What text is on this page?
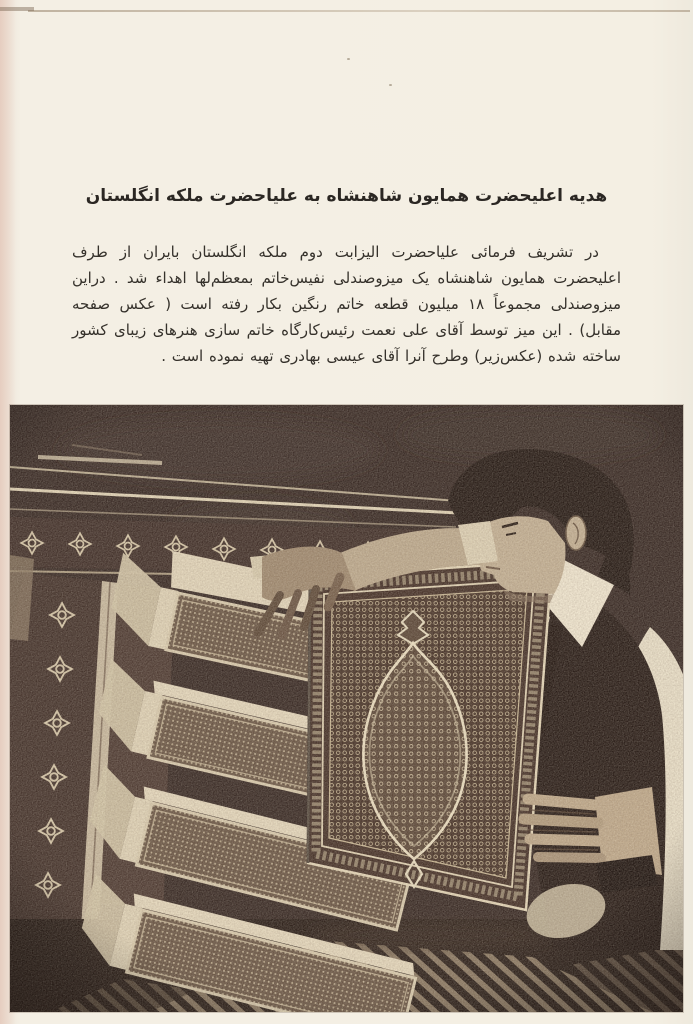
هدیه اعلیحضرت همایون شاهنشاه به علیاحضرت ملکه انگلستان

در تشریف فرمائی علیاحضرت الیزابت دوم ملکه انگلستان بایران از طرف اعلیحضرت همایون شاهنشاه یک میزوصندلی نفیس‌خاتم بمعظم‌لها اهداء شد . دراین میزوصندلی مجموعاً ۱۸ میلیون قطعه خاتم رنگین بکار رفته است ( عکس صفحه مقابل) . این میز توسط آقای علی نعمت رئیس‌کارگاه خاتم سازی هنرهای زیبای کشور ساخته شده (عکس‌زیر) وطرح آنرا آقای عیسی بهادری تهیه نموده است .
